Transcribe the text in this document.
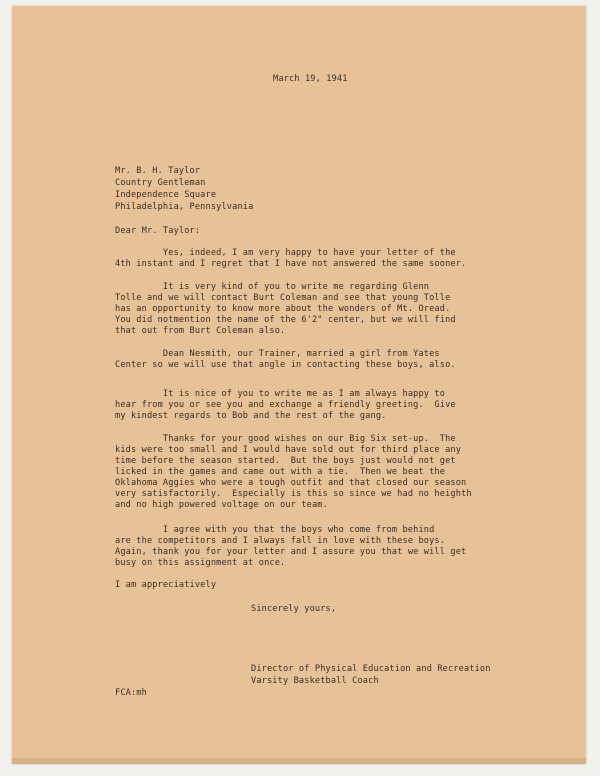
March 19, 1941

Mr. B. H. Taylor

Country Gentleman

Independence Square

Philadelphia, Pennsylvania

Dear Mr. Taylor:

Yes, indeed, I am very happy to have your letter of the

4th instant and I regret that I have not answered the same sooner.

It is very kind of you to write me regarding Glenn

Tolle and we will contact Burt Coleman and see that young Tolle

has an opportunity to know more about the wonders of Mt. Oread.

You did notmention the name of the 6'2" center, but we will find

that out from Burt Coleman also.

Dean Nesmith, our Trainer, married a girl from Yates

Center so we will use that angle in contacting these boys, also.

It is nice of you to write me as I am always happy to

hear from you or see you and exchange a friendly greeting.  Give

my kindest regards to Bob and the rest of the gang.

Thanks for your good wishes on our Big Six set-up.  The

kids were too small and I would have sold out for third place any

time before the season started.  But the boys just would not get

licked in the games and came out with a tie.  Then we beat the

Oklahoma Aggies who were a tough outfit and that closed our season

very satisfactorily.  Especially is this so since we had no heighth

and no high powered voltage on our team.

I agree with you that the boys who come from behind

are the competitors and I always fall in love with these boys.

Again, thank you for your letter and I assure you that we will get

busy on this assignment at once.

I am appreciatively

Sincerely yours,

Director of Physical Education and Recreation

Varsity Basketball Coach

FCA:mh
